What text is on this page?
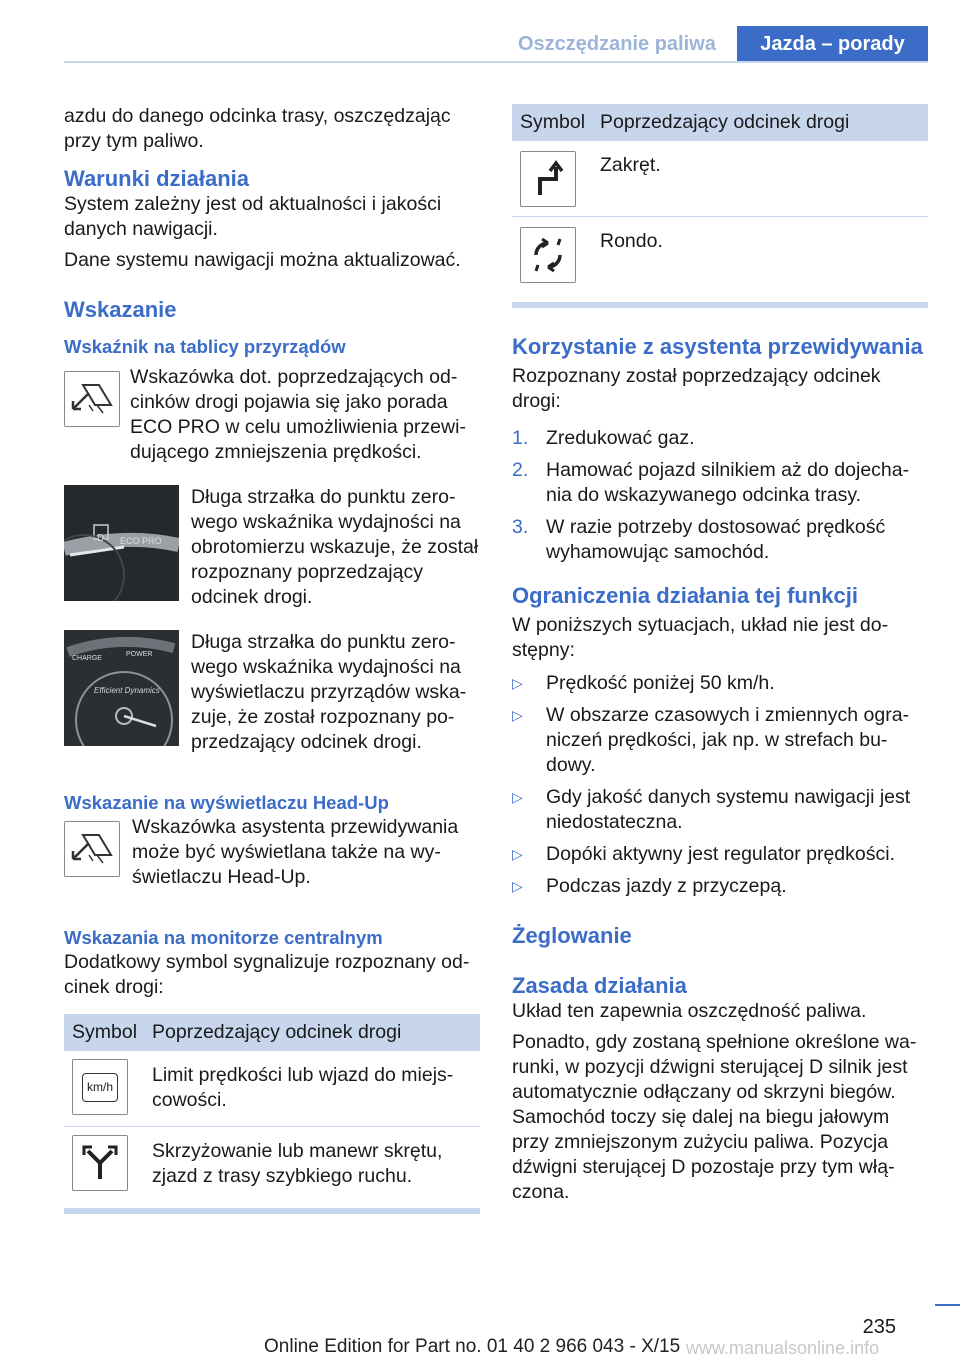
Oszczędzanie paliwa	Jazda – porady

azdu do danego odcinka trasy, oszczędzając przy tym paliwo.

Warunki działania

System zależny jest od aktualności i jakości danych nawigacji.

Dane systemu nawigacji można aktualizować.

Wskazanie
Wskaźnik na tablicy przyrządów

Wskazówka dot. poprzedzających odcinków drogi pojawia się jako porada ECO PRO w celu umożliwienia przewidującego zmniejszenia prędkości.

D ECO PRO

Długa strzałka do punktu zerowego wskaźnika wydajności na obrotomierzu wskazuje, że został rozpoznany poprzedzający odcinek drogi.

CHARGE
POWER
Efficient Dynamics

Długa strzałka do punktu zerowego wskaźnika wydajności na wyświetlaczu przyrządów wskazuje, że został rozpoznany poprzedzający odcinek drogi.

Wskazanie na wyświetlaczu Head-Up

Wskazówka asystenta przewidywania może być wyświetlana także na wyświetlaczu Head-Up.

Wskazania na monitorze centralnym

Dodatkowy symbol sygnalizuje rozpoznany odcinek drogi:

Symbol	Poprzedzający odcinek drogi

km/h	Limit prędkości lub wjazd do miejscowości.

	Skrzyżowanie lub manewr skrętu, zjazd z trasy szybkiego ruchu.
Symbol	Poprzedzający odcinek drogi

	Zakręt.

	Rondo.
Korzystanie z asystenta przewidywania

Rozpoznany został poprzedzający odcinek drogi:

1. Zredukować gaz.
2. Hamować pojazd silnikiem aż do dojechania do wskazywanego odcinka trasy.
3. W razie potrzeby dostosować prędkość wyhamowując samochód.
Ograniczenia działania tej funkcji

W poniższych sytuacjach, układ nie jest dostępny:

▷	Prędkość poniżej 50 km/h.
▷	W obszarze czasowych i zmiennych ograniczeń prędkości, jak np. w strefach budowy.
▷	Gdy jakość danych systemu nawigacji jest niedostateczna.
▷	Dopóki aktywny jest regulator prędkości.
▷	Podczas jazdy z przyczepą.
Żeglowanie
Zasada działania

Układ ten zapewnia oszczędność paliwa.

Ponadto, gdy zostaną spełnione określone warunki, w pozycji dźwigni sterującej D silnik jest automatycznie odłączany od skrzyni biegów. Samochód toczy się dalej na biegu jałowym przy zmniejszonym zużyciu paliwa. Pozycja dźwigni sterującej D pozostaje przy tym włączona.

235
Online Edition for Part no. 01 40 2 966 043 - X/15 www.manualsonline.info
